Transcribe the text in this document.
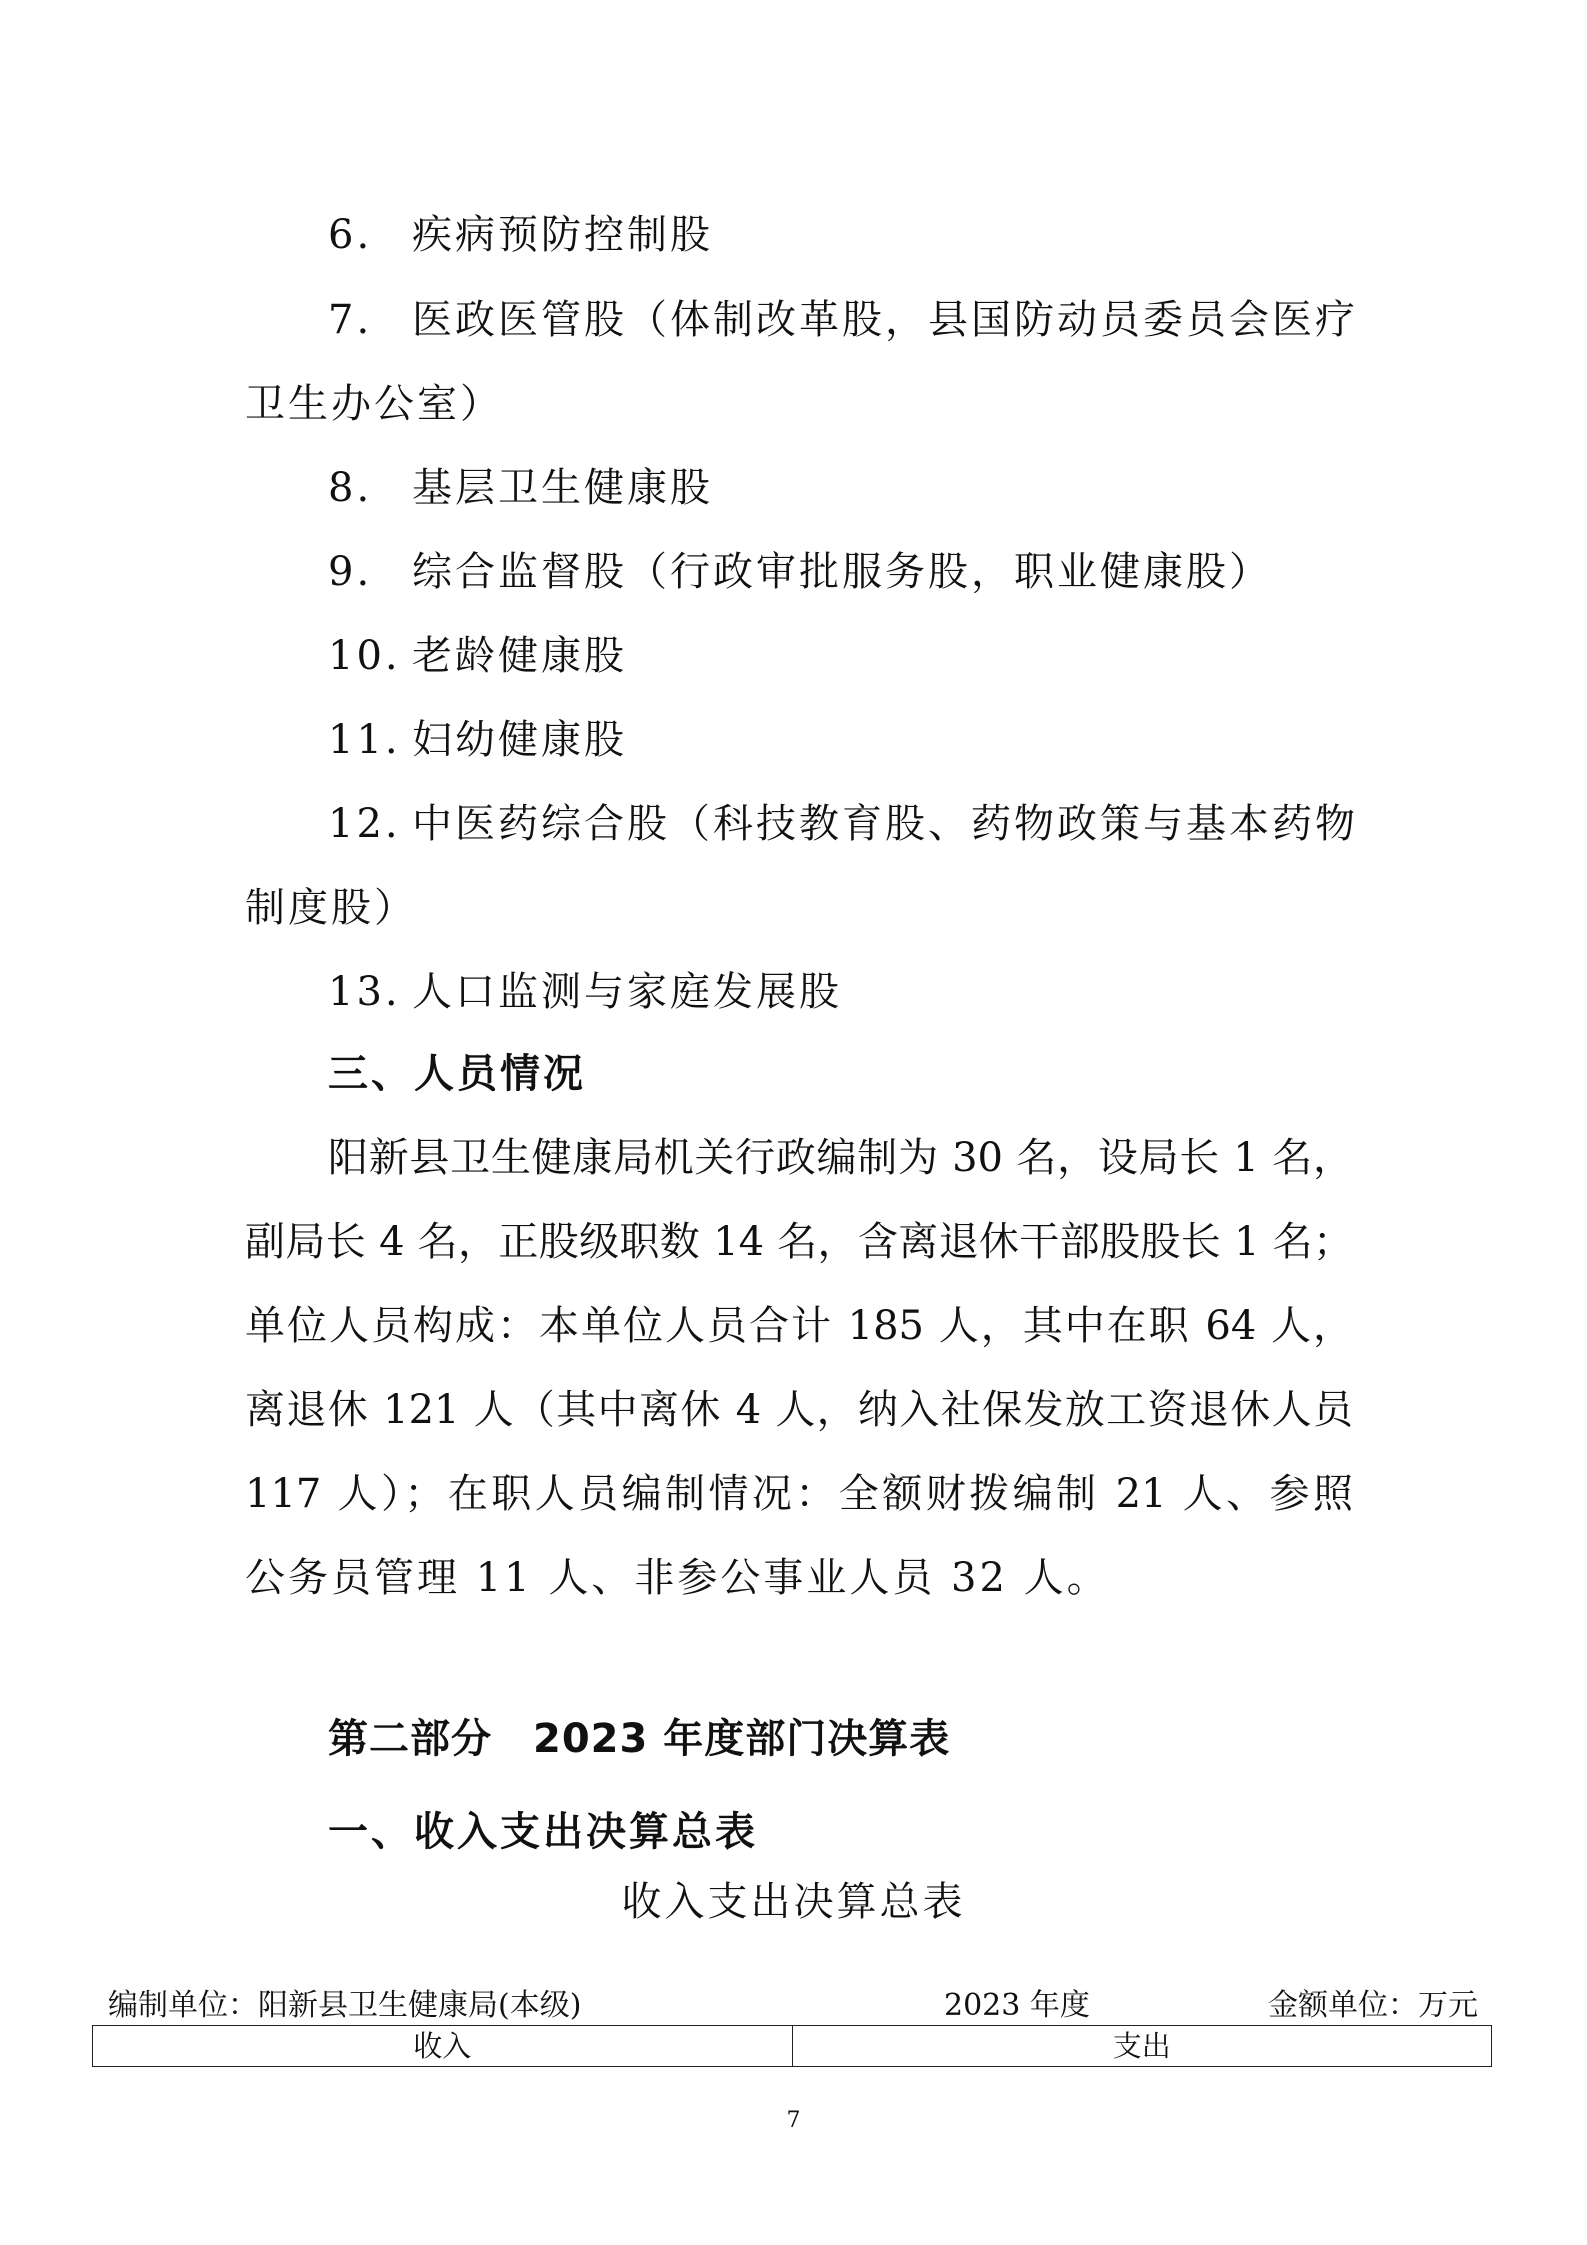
6. 疾病预防控制股
7. 医政医管股（体制改革股，县国防动员委员会医疗
卫生办公室）
8. 基层卫生健康股
9. 综合监督股（行政审批服务股，职业健康股）
10. 老龄健康股
11. 妇幼健康股
12. 中医药综合股（科技教育股、药物政策与基本药物
制度股）
13. 人口监测与家庭发展股
三、人员情况
阳新县卫生健康局机关行政编制为 30 名，设局长 1 名，
副局长 4 名，正股级职数 14 名，含离退休干部股股长 1 名；
单位人员构成：本单位人员合计 185 人，其中在职 64 人，
离退休 121 人（其中离休 4 人，纳入社保发放工资退休人员
117 人）；在职人员编制情况：全额财拨编制 21 人、参照
公务员管理 11 人、非参公事业人员 32 人。
第二部分　2023 年度部门决算表
一、收入支出决算总表
收入支出决算总表
编制单位：阳新县卫生健康局(本级)	2023 年度	金额单位：万元
收入	支出
7
